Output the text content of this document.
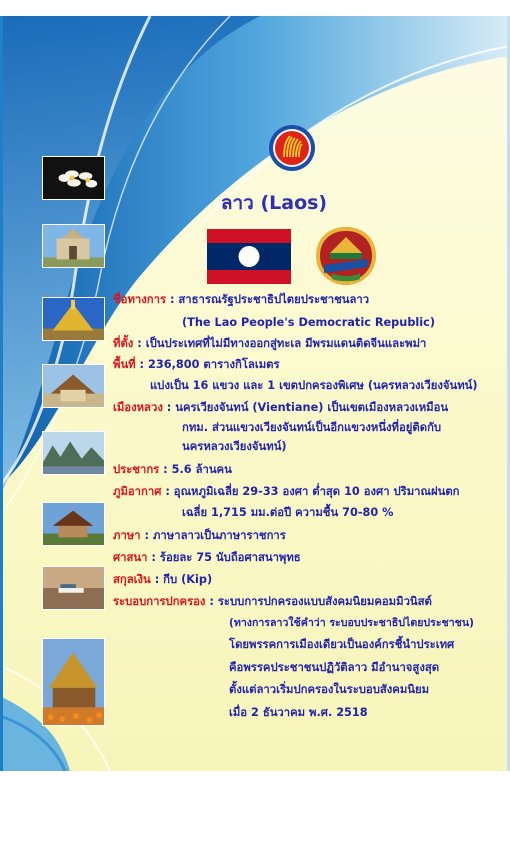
ลาว (Laos)
ชื่อทางการ : สาธารณรัฐประชาธิปไตยประชาชนลาว
(The Lao People's Democratic Republic)
ที่ตั้ง : เป็นประเทศที่ไม่มีทางออกสู่ทะเล มีพรมแดนติดจีนและพม่า
พื้นที่ : 236,800 ตารางกิโลเมตร
แบ่งเป็น 16 แขวง และ 1 เขตปกครองพิเศษ (นครหลวงเวียงจันทน์)
เมืองหลวง : นครเวียงจันทน์ (Vientiane) เป็นเขตเมืองหลวงเหมือน
กทม. ส่วนแขวงเวียงจันทน์เป็นอีกแขวงหนึ่งที่อยู่ติดกับ
นครหลวงเวียงจันทน์)
ประชากร : 5.6 ล้านคน
ภูมิอากาศ : อุณหภูมิเฉลี่ย 29-33 องศา ต่ำสุด 10 องศา ปริมาณฝนตก
เฉลี่ย 1,715 มม.ต่อปี ความชื้น 70-80 %
ภาษา : ภาษาลาวเป็นภาษาราชการ
ศาสนา : ร้อยละ 75 นับถือศาสนาพุทธ
สกุลเงิน : กีบ (Kip)
ระบอบการปกครอง : ระบบการปกครองแบบสังคมนิยมคอมมิวนิสต์
(ทางการลาวใช้คำว่า ระบอบประชาธิปไตยประชาชน)
โดยพรรคการเมืองเดียวเป็นองค์กรชี้นำประเทศ
คือพรรคประชาชนปฏิวัติลาว มีอำนาจสูงสุด
ตั้งแต่ลาวเริ่มปกครองในระบอบสังคมนิยม
เมื่อ 2 ธันวาคม พ.ศ. 2518
